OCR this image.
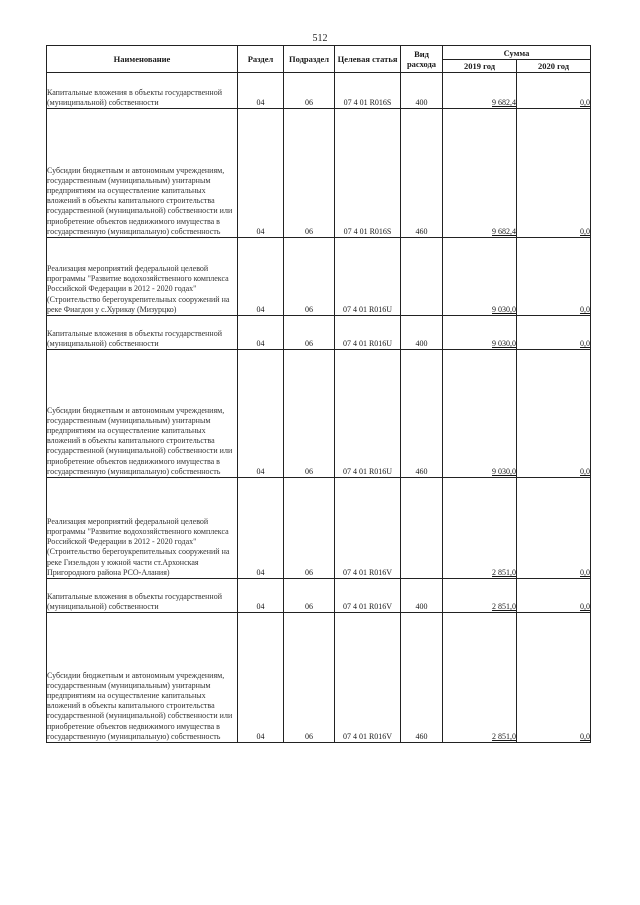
512
Наименование	Раздел	Подраздел	Целевая статья	Вид расхода	Сумма	
					2019 год	2020 год
Капитальные вложения в объекты государственной (муниципальной) собственности	04	06	07 4 01 R016S	400	9 682,4	0,0
Субсидии бюджетным и автономным учреждениям, государственным (муниципальным) унитарным предприятиям на осуществление капитальных вложений в объекты капитального строительства государственной (муниципальной) собственности или приобретение объектов недвижимого имущества в государственную (муниципальную) собственность	04	06	07 4 01 R016S	460	9 682,4	0,0
Реализация мероприятий федеральной целевой программы "Развитие водохозяйственного комплекса Российской Федерации в 2012 - 2020 годах" (Строительство берегоукрепительных сооружений на реке Фиагдон у с.Хурикау (Мизурцко)	04	06	07 4 01 R016U		9 030,0	0,0
Капитальные вложения в объекты государственной (муниципальной) собственности	04	06	07 4 01 R016U	400	9 030,0	0,0
Субсидии бюджетным и автономным учреждениям, государственным (муниципальным) унитарным предприятиям на осуществление капитальных вложений в объекты капитального строительства государственной (муниципальной) собственности или приобретение объектов недвижимого имущества в государственную (муниципальную) собственность	04	06	07 4 01 R016U	460	9 030,0	0,0
Реализация мероприятий федеральной целевой программы "Развитие водохозяйственного комплекса Российской Федерации в 2012 - 2020 годах" (Строительство берегоукрепительных сооружений на реке Гизельдон у южной части ст.Архонская Пригородного района РСО-Алания)	04	06	07 4 01 R016V		2 851,0	0,0
Капитальные вложения в объекты государственной (муниципальной) собственности	04	06	07 4 01 R016V	400	2 851,0	0,0
Субсидии бюджетным и автономным учреждениям, государственным (муниципальным) унитарным предприятиям на осуществление капитальных вложений в объекты капитального строительства государственной (муниципальной) собственности или приобретение объектов недвижимого имущества в государственную (муниципальную) собственность	04	06	07 4 01 R016V	460	2 851,0	0,0
